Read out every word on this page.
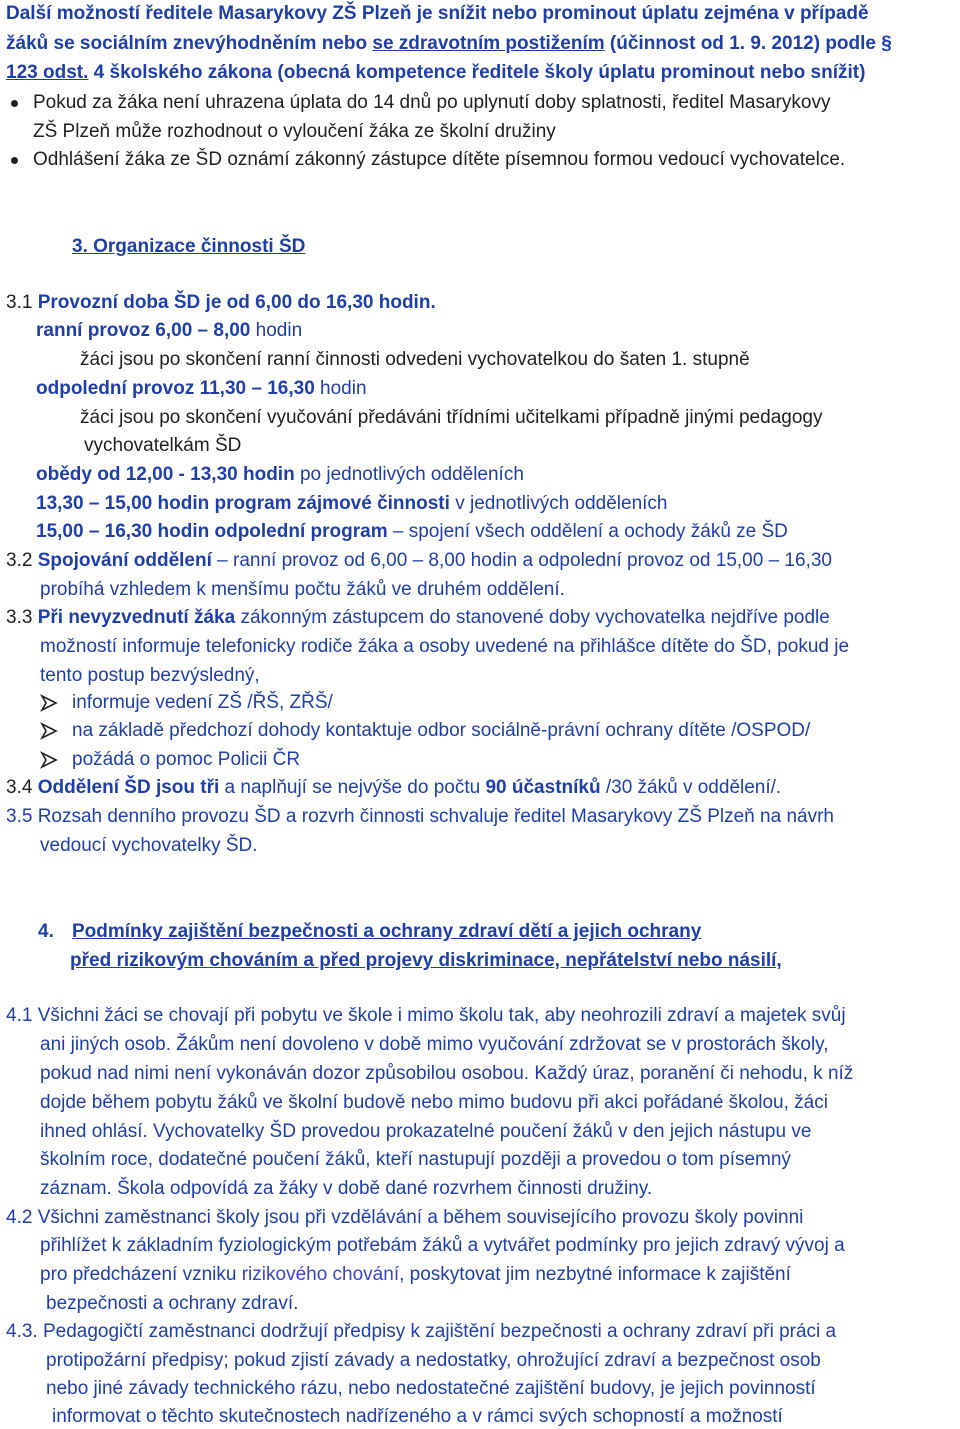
Další možností ředitele Masarykovy ZŠ Plzeň je snížit nebo prominout úplatu zejména v případě
žáků se sociálním znevýhodněním nebo se zdravotním postižením (účinnost od 1. 9. 2012) podle §
123 odst. 4 školského zákona (obecná kompetence ředitele školy úplatu prominout nebo snížit)
Pokud za žáka není uhrazena úplata do 14 dnů po uplynutí doby splatnosti, ředitel Masarykovy
ZŠ Plzeň může rozhodnout o vyloučení žáka ze školní družiny
Odhlášení žáka ze ŠD oznámí zákonný zástupce dítěte písemnou formou vedoucí vychovatelce.
3. Organizace činnosti ŠD
3.1 Provozní doba ŠD je od 6,00 do 16,30 hodin.
ranní provoz 6,00 – 8,00 hodin
žáci jsou po skončení ranní činnosti odvedeni vychovatelkou do šaten 1. stupně
odpolední provoz 11,30 – 16,30 hodin
žáci jsou po skončení vyučování předáváni třídními učitelkami případně jinými pedagogy
vychovatelkám ŠD
obědy od 12,00 - 13,30 hodin po jednotlivých odděleních
13,30 – 15,00 hodin program zájmové činnosti v jednotlivých odděleních
15,00 – 16,30 hodin odpolední program – spojení všech oddělení a ochody žáků ze ŠD
3.2 Spojování oddělení – ranní provoz od 6,00 – 8,00 hodin a odpolední provoz od 15,00 – 16,30
probíhá vzhledem k menšímu počtu žáků ve druhém oddělení.
3.3 Při nevyzvednutí žáka zákonným zástupcem do stanovené doby vychovatelka nejdříve podle
možností informuje telefonicky rodiče žáka a osoby uvedené na přihlášce dítěte do ŠD, pokud je
tento postup bezvýsledný,
informuje vedení ZŠ /ŘŠ, ZŘŠ/
na základě předchozí dohody kontaktuje odbor sociálně-právní ochrany dítěte /OSPOD/
požádá o pomoc Policii ČR
3.4 Oddělení ŠD jsou tři a naplňují se nejvýše do počtu 90 účastníků /30 žáků v oddělení/.
3.5 Rozsah denního provozu ŠD a rozvrh činnosti schvaluje ředitel Masarykovy ZŠ Plzeň na návrh
vedoucí vychovatelky ŠD.
4. Podmínky zajištění bezpečnosti a ochrany zdraví dětí a jejich ochrany
před rizikovým chováním a před projevy diskriminace, nepřátelství nebo násilí,
4.1 Všichni žáci se chovají při pobytu ve škole i mimo školu tak, aby neohrozili zdraví a majetek svůj
ani jiných osob. Žákům není dovoleno v době mimo vyučování zdržovat se v prostorách školy,
pokud nad nimi není vykonáván dozor způsobilou osobou. Každý úraz, poranění či nehodu, k níž
dojde během pobytu žáků ve školní budově nebo mimo budovu při akci pořádané školou, žáci
ihned ohlásí. Vychovatelky ŠD provedou prokazatelné poučení žáků v den jejich nástupu ve
školním roce, dodatečné poučení žáků, kteří nastupují později a provedou o tom písemný
záznam. Škola odpovídá za žáky v době dané rozvrhem činnosti družiny.
4.2 Všichni zaměstnanci školy jsou při vzdělávání a během souvisejícího provozu školy povinni
přihlížet k základním fyziologickým potřebám žáků a vytvářet podmínky pro jejich zdravý vývoj a
pro předcházení vzniku rizikového chování, poskytovat jim nezbytné informace k zajištění
bezpečnosti a ochrany zdraví.
4.3. Pedagogičtí zaměstnanci dodržují předpisy k zajištění bezpečnosti a ochrany zdraví při práci a
protipožární předpisy; pokud zjistí závady a nedostatky, ohrožující zdraví a bezpečnost osob
nebo jiné závady technického rázu, nebo nedostatečné zajištění budovy, je jejich povinností
informovat o těchto skutečnostech nadřízeného a v rámci svých schopností a možností
